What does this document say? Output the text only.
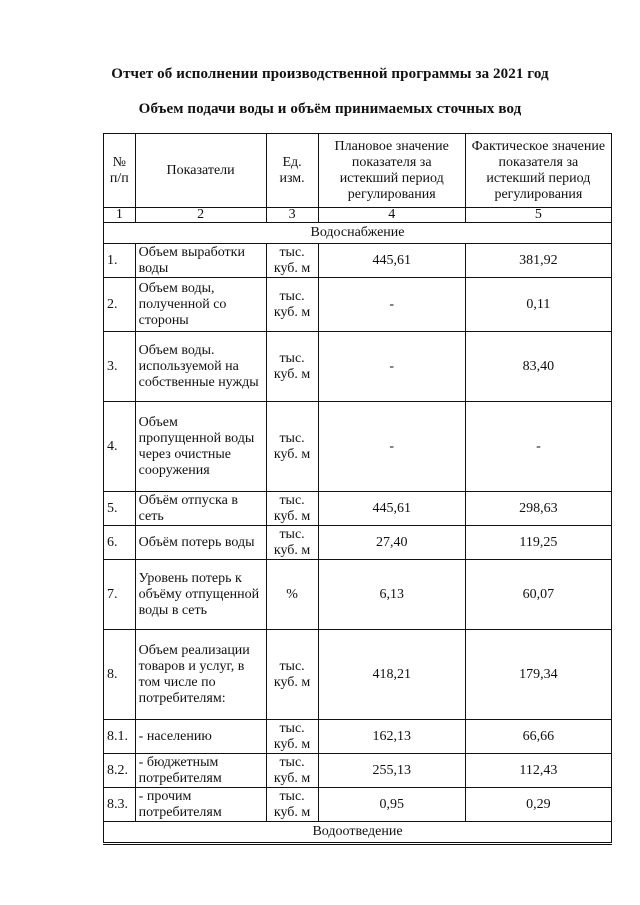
Отчет об исполнении производственной программы за 2021 год
Объем подачи воды и объём принимаемых сточных вод
№ п/п	Показатели	Ед. изм.	Плановое значение показателя за истекший период регулирования	Фактическое значение показателя за истекший период регулирования
1	2	3	4	5
Водоснабжение				
1.	Объем выработки воды	тыс. куб. м	445,61	381,92
2.	Объем воды, полученной со стороны	тыс. куб. м	-	0,11
3.	Объем воды. используемой на собственные нужды	тыс. куб. м	-	83,40
4.	Объем пропущенной воды через очистные сооружения	тыс. куб. м	-	-
5.	Объём отпуска в сеть	тыс. куб. м	445,61	298,63
6.	Объём потерь воды	тыс. куб. м	27,40	119,25
7.	Уровень потерь к объёму отпущенной воды в сеть	%	6,13	60,07
8.	Объем реализации товаров и услуг, в том числе по потребителям:	тыс. куб. м	418,21	179,34
8.1.	- населению	тыс. куб. м	162,13	66,66
8.2.	- бюджетным потребителям	тыс. куб. м	255,13	112,43
8.3.	- прочим потребителям	тыс. куб. м	0,95	0,29
Водоотведение				
